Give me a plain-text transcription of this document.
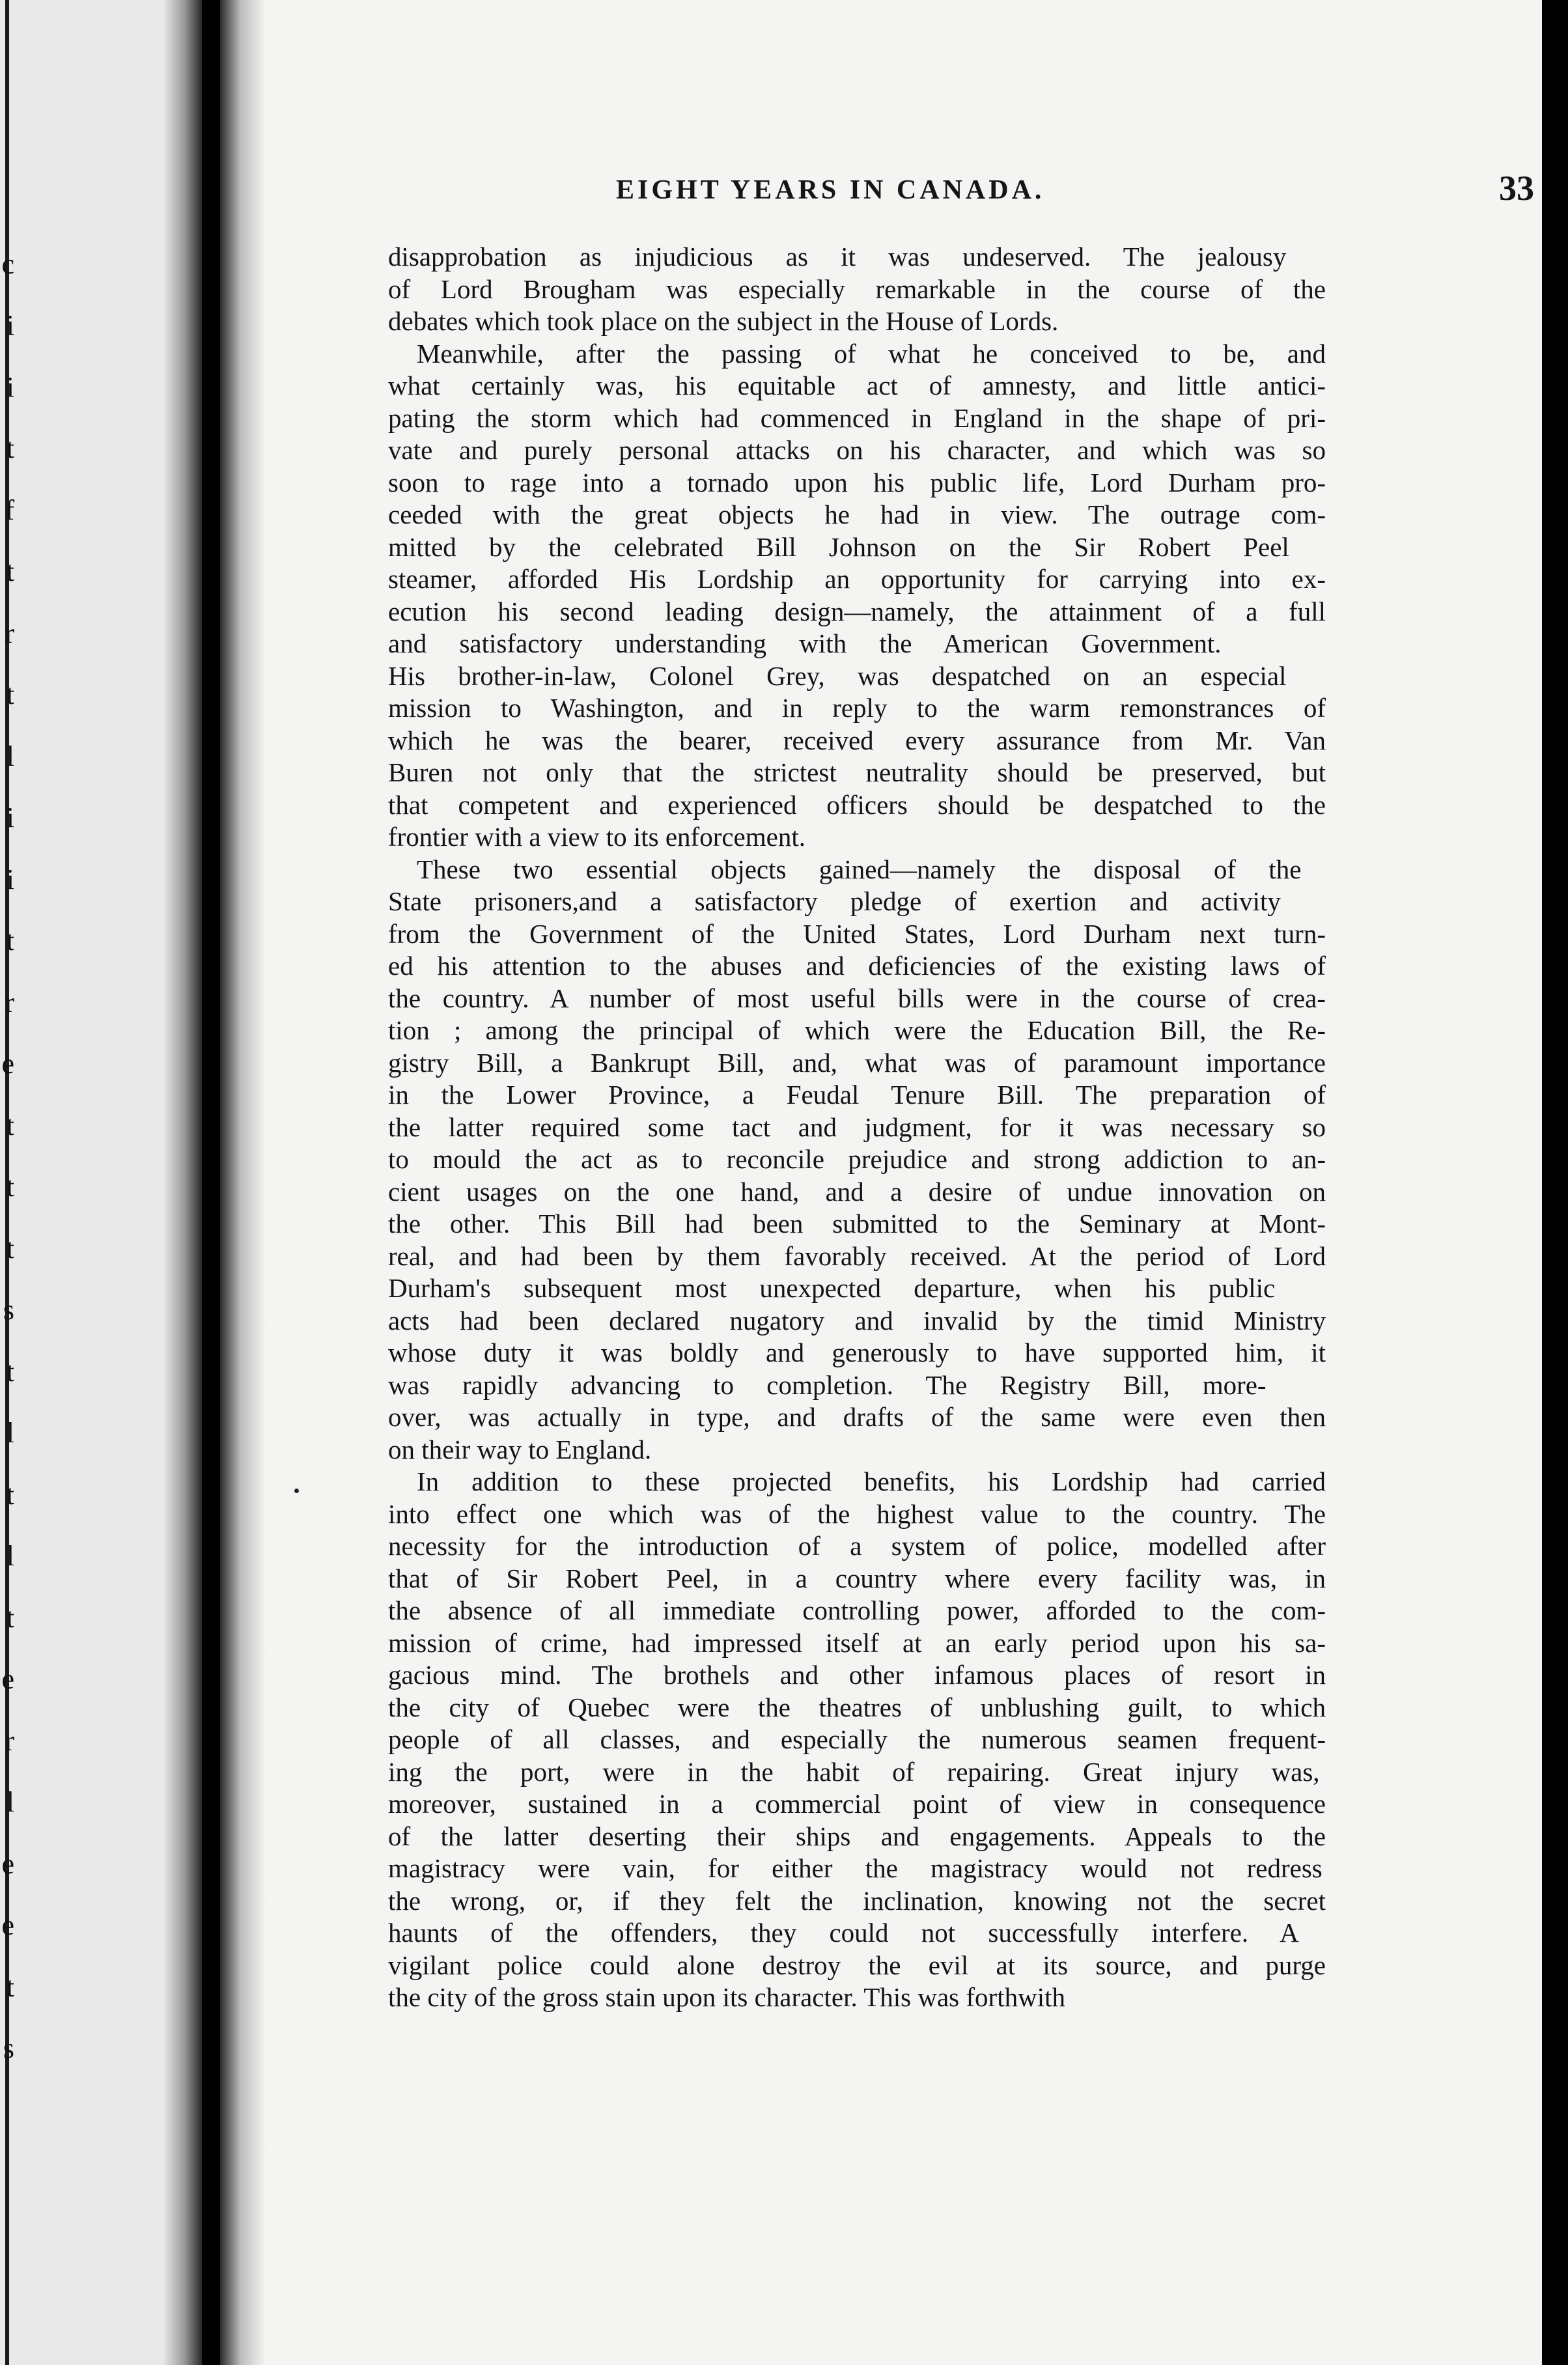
c
i
i
t
f
t
r
t
l
i
i
t
r
e
t
t
t
s
t
l
t
l
t
e
r
l
e
e
t
s
EIGHT YEARS IN CANADA.	33
disapprobation as injudicious as it was undeserved. The jealousy
of Lord Brougham was especially remarkable in the course of the
debates which took place on the subject in the House of Lords.
Meanwhile, after the passing of what he conceived to be, and
what certainly was, his equitable act of amnesty, and little antici-
pating the storm which had commenced in England in the shape of pri-
vate and purely personal attacks on his character, and which was so
soon to rage into a tornado upon his public life, Lord Durham pro-
ceeded with the great objects he had in view. The outrage com-
mitted by the celebrated Bill Johnson on the Sir Robert Peel
steamer, afforded His Lordship an opportunity for carrying into ex-
ecution his second leading design—namely, the attainment of a full
and satisfactory understanding with the American Government.
His brother-in-law, Colonel Grey, was despatched on an especial
mission to Washington, and in reply to the warm remonstrances of
which he was the bearer, received every assurance from Mr. Van
Buren not only that the strictest neutrality should be preserved, but
that competent and experienced officers should be despatched to the
frontier with a view to its enforcement.
These two essential objects gained—namely the disposal of the
State prisoners,and a satisfactory pledge of exertion and activity
from the Government of the United States, Lord Durham next turn-
ed his attention to the abuses and deficiencies of the existing laws of
the country. A number of most useful bills were in the course of crea-
tion ; among the principal of which were the Education Bill, the Re-
gistry Bill, a Bankrupt Bill, and, what was of paramount importance
in the Lower Province, a Feudal Tenure Bill. The preparation of
the latter required some tact and judgment, for it was necessary so
to mould the act as to reconcile prejudice and strong addiction to an-
cient usages on the one hand, and a desire of undue innovation on
the other. This Bill had been submitted to the Seminary at Mont-
real, and had been by them favorably received. At the period of Lord
Durham's subsequent most unexpected departure, when his public
acts had been declared nugatory and invalid by the timid Ministry
whose duty it was boldly and generously to have supported him, it
was rapidly advancing to completion. The Registry Bill, more-
over, was actually in type, and drafts of the same were even then
on their way to England.
In addition to these projected benefits, his Lordship had carried
into effect one which was of the highest value to the country. The
necessity for the introduction of a system of police, modelled after
that of Sir Robert Peel, in a country where every facility was, in
the absence of all immediate controlling power, afforded to the com-
mission of crime, had impressed itself at an early period upon his sa-
gacious mind. The brothels and other infamous places of resort in
the city of Quebec were the theatres of unblushing guilt, to which
people of all classes, and especially the numerous seamen frequent-
ing the port, were in the habit of repairing. Great injury was,
moreover, sustained in a commercial point of view in consequence
of the latter deserting their ships and engagements. Appeals to the
magistracy were vain, for either the magistracy would not redress
the wrong, or, if they felt the inclination, knowing not the secret
haunts of the offenders, they could not successfully interfere. A
vigilant police could alone destroy the evil at its source, and purge
the city of the gross stain upon its character. This was forthwith
